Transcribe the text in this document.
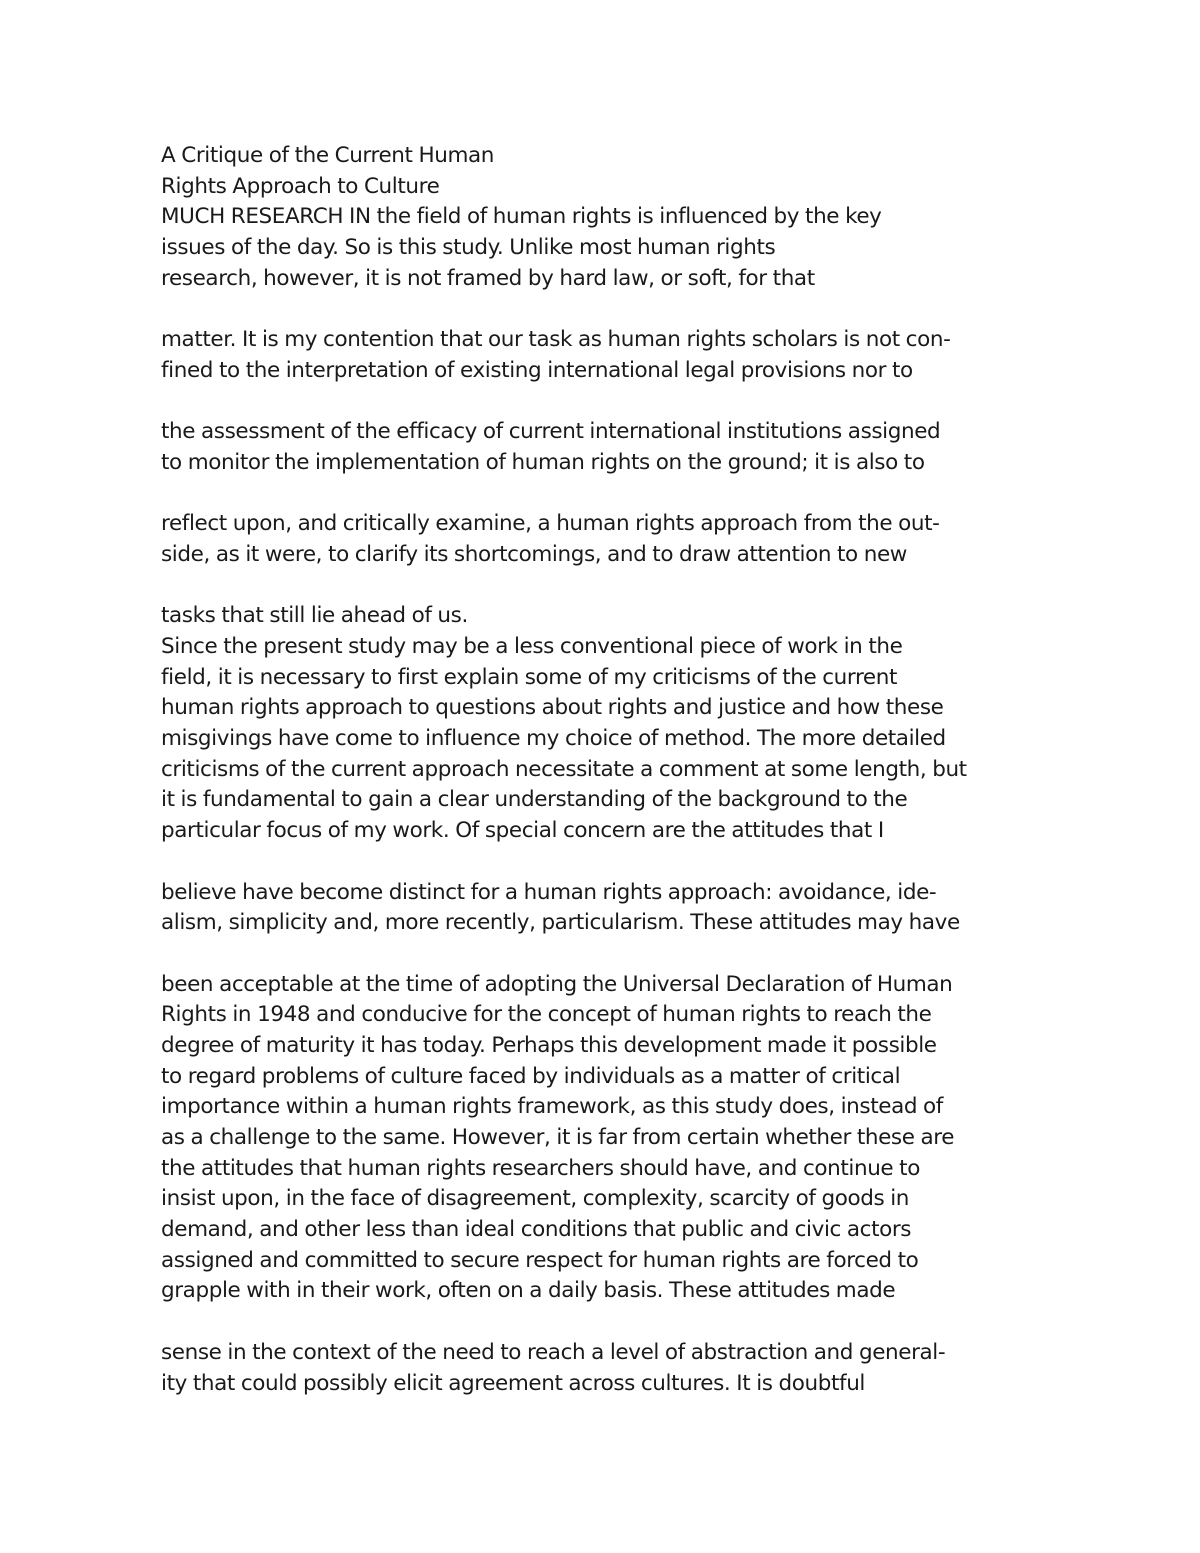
A Critique of the Current Human
Rights Approach to Culture
MUCH RESEARCH IN the field of human rights is influenced by the key
issues of the day. So is this study. Unlike most human rights
research, however, it is not framed by hard law, or soft, for that
matter. It is my contention that our task as human rights scholars is not con-
fined to the interpretation of existing international legal provisions nor to
the assessment of the efficacy of current international institutions assigned
to monitor the implementation of human rights on the ground; it is also to
reflect upon, and critically examine, a human rights approach from the out-
side, as it were, to clarify its shortcomings, and to draw attention to new
tasks that still lie ahead of us.
Since the present study may be a less conventional piece of work in the
field, it is necessary to first explain some of my criticisms of the current
human rights approach to questions about rights and justice and how these
misgivings have come to influence my choice of method. The more detailed
criticisms of the current approach necessitate a comment at some length, but
it is fundamental to gain a clear understanding of the background to the
particular focus of my work. Of special concern are the attitudes that I
believe have become distinct for a human rights approach: avoidance, ide-
alism, simplicity and, more recently, particularism. These attitudes may have
been acceptable at the time of adopting the Universal Declaration of Human
Rights in 1948 and conducive for the concept of human rights to reach the
degree of maturity it has today. Perhaps this development made it possible
to regard problems of culture faced by individuals as a matter of critical
importance within a human rights framework, as this study does, instead of
as a challenge to the same. However, it is far from certain whether these are
the attitudes that human rights researchers should have, and continue to
insist upon, in the face of disagreement, complexity, scarcity of goods in
demand, and other less than ideal conditions that public and civic actors
assigned and committed to secure respect for human rights are forced to
grapple with in their work, often on a daily basis. These attitudes made
sense in the context of the need to reach a level of abstraction and general-
ity that could possibly elicit agreement across cultures. It is doubtful
